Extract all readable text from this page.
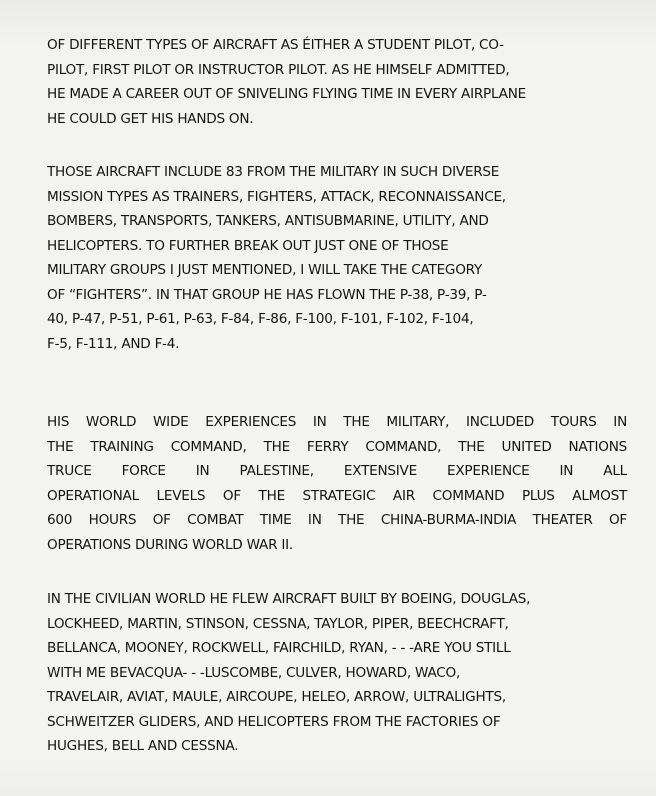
OF DIFFERENT TYPES OF AIRCRAFT AS ÉITHER A STUDENT PILOT, CO-
PILOT, FIRST PILOT OR INSTRUCTOR PILOT. AS HE HIMSELF ADMITTED,
HE MADE A CAREER OUT OF SNIVELING FLYING TIME IN EVERY AIRPLANE
HE COULD GET HIS HANDS ON.

THOSE AIRCRAFT INCLUDE 83 FROM THE MILITARY IN SUCH DIVERSE
MISSION TYPES AS TRAINERS, FIGHTERS, ATTACK, RECONNAISSANCE,
BOMBERS, TRANSPORTS, TANKERS, ANTISUBMARINE, UTILITY, AND
HELICOPTERS. TO FURTHER BREAK OUT JUST ONE OF THOSE
MILITARY GROUPS I JUST MENTIONED, I WILL TAKE THE CATEGORY
OF “FIGHTERS”. IN THAT GROUP HE HAS FLOWN THE P-38, P-39, P-
40, P-47, P-51, P-61, P-63, F-84, F-86, F-100, F-101, F-102, F-104,
F-5, F-111, AND F-4.

HIS WORLD WIDE EXPERIENCES IN THE MILITARY, INCLUDED TOURS IN
THE TRAINING COMMAND, THE FERRY COMMAND, THE UNITED NATIONS
TRUCE FORCE IN PALESTINE, EXTENSIVE EXPERIENCE IN ALL
OPERATIONAL LEVELS OF THE STRATEGIC AIR COMMAND PLUS ALMOST
600 HOURS OF COMBAT TIME IN THE CHINA-BURMA-INDIA THEATER OF
OPERATIONS DURING WORLD WAR II.

IN THE CIVILIAN WORLD HE FLEW AIRCRAFT BUILT BY BOEING, DOUGLAS,
LOCKHEED, MARTIN, STINSON, CESSNA, TAYLOR, PIPER, BEECHCRAFT,
BELLANCA, MOONEY, ROCKWELL, FAIRCHILD, RYAN, - - -ARE YOU STILL
WITH ME BEVACQUA- - -LUSCOMBE, CULVER, HOWARD, WACO,
TRAVELAIR, AVIAT, MAULE, AIRCOUPE, HELEO, ARROW, ULTRALIGHTS,
SCHWEITZER GLIDERS, AND HELICOPTERS FROM THE FACTORIES OF
HUGHES, BELL AND CESSNA.
